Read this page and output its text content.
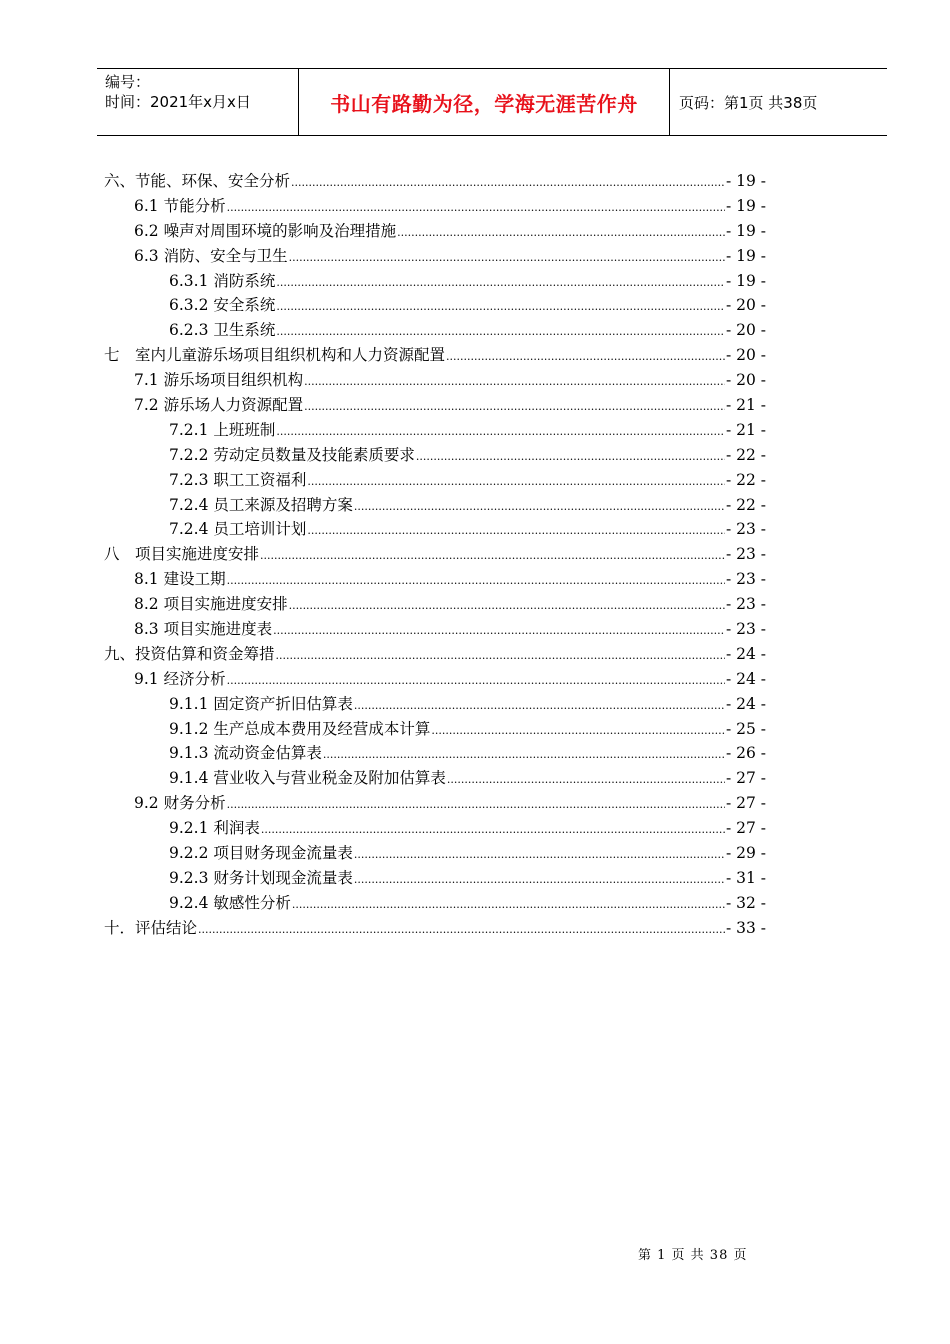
编号：
时间：2021年x月x日	书山有路勤为径，学海无涯苦作舟	页码：第1页 共38页
六、节能、环保、安全分析 .....	- 19 -
6.1 节能分析 .....	- 19 -
6.2 噪声对周围环境的影响及治理措施 .....	- 19 -
6.3 消防、安全与卫生 .....	- 19 -
6.3.1 消防系统 .....	- 19 -
6.3.2 安全系统 .....	- 20 -
6.2.3 卫生系统 .....	- 20 -
七　室内儿童游乐场项目组织机构和人力资源配置 .....	- 20 -
7.1 游乐场项目组织机构 .....	- 20 -
7.2 游乐场人力资源配置 .....	- 21 -
7.2.1 上班班制 .....	- 21 -
7.2.2 劳动定员数量及技能素质要求 .....	- 22 -
7.2.3 职工工资福利 .....	- 22 -
7.2.4 员工来源及招聘方案 .....	- 22 -
7.2.4 员工培训计划 .....	- 23 -
八　项目实施进度安排 .....	- 23 -
8.1 建设工期 .....	- 23 -
8.2 项目实施进度安排 .....	- 23 -
8.3 项目实施进度表 .....	- 23 -
九、投资估算和资金筹措 .....	- 24 -
9.1 经济分析 .....	- 24 -
9.1.1 固定资产折旧估算表 .....	- 24 -
9.1.2 生产总成本费用及经营成本计算 .....	- 25 -
9.1.3 流动资金估算表 .....	- 26 -
9.1.4 营业收入与营业税金及附加估算表 .....	- 27 -
9.2 财务分析 .....	- 27 -
9.2.1 利润表 .....	- 27 -
9.2.2 项目财务现金流量表 .....	- 29 -
9.2.3 财务计划现金流量表 .....	- 31 -
9.2.4 敏感性分析 .....	- 32 -
十．评估结论 .....	- 33 -
第 1 页 共 38 页
